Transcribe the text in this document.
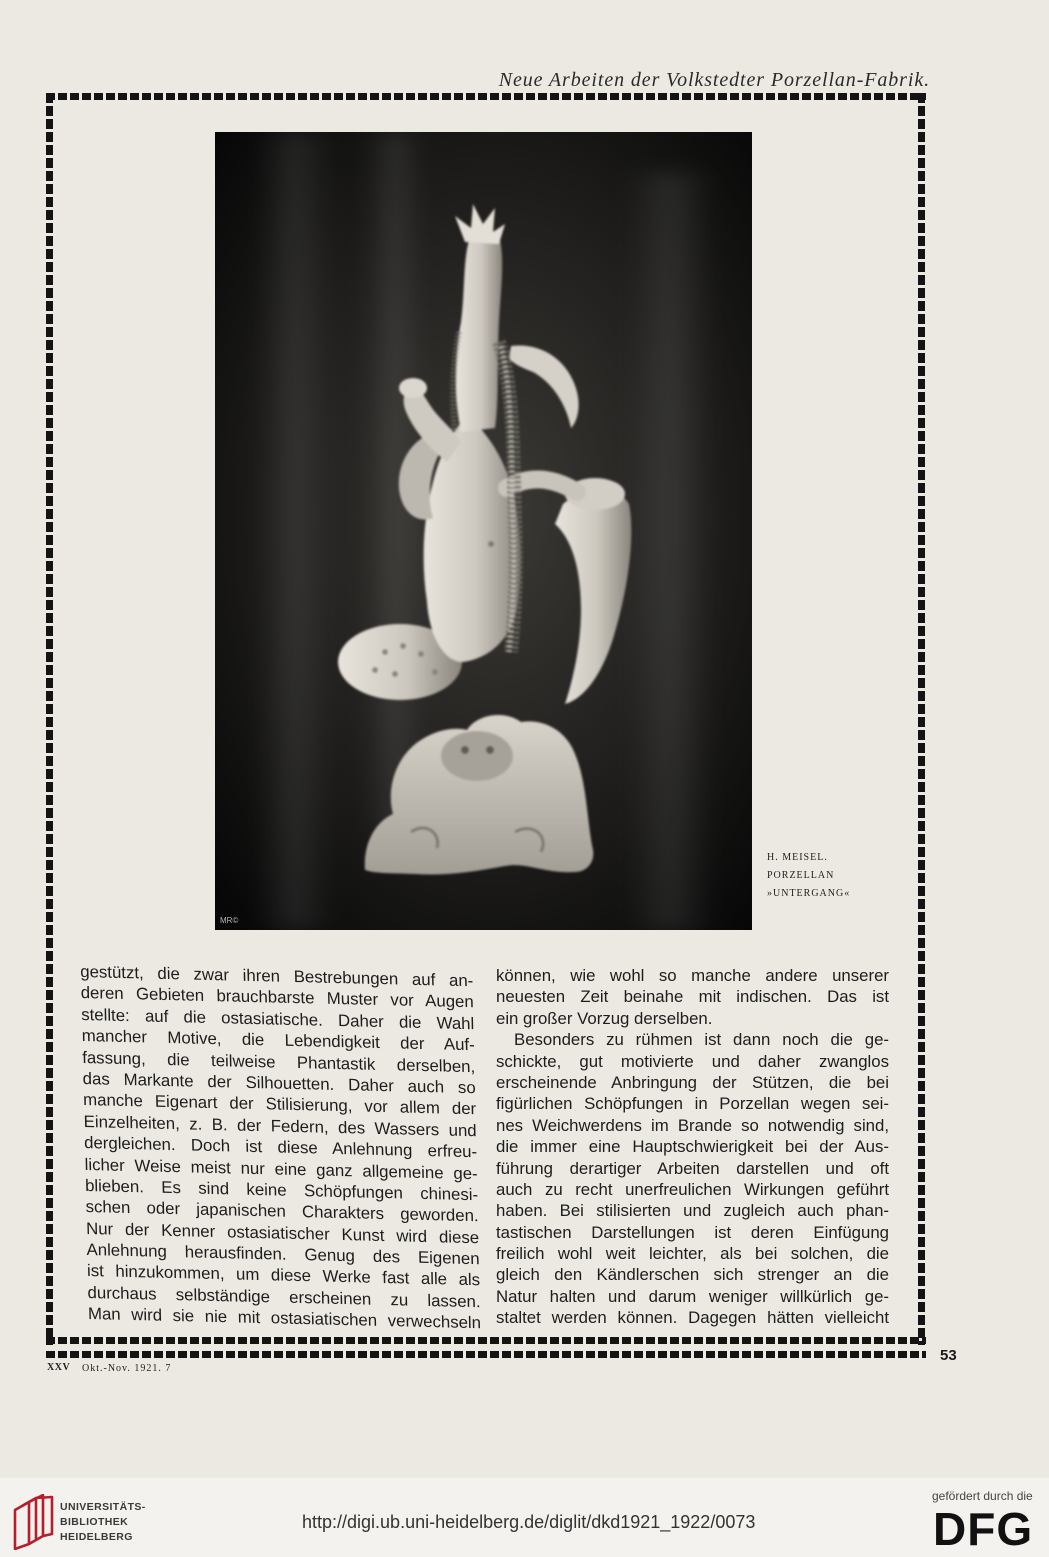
Neue Arbeiten der Volkstedter Porzellan-Fabrik.
MR©
H. MEISEL.
PORZELLAN
»UNTERGANG«
gestützt, die zwar ihren Bestrebungen auf an-
deren Gebieten brauchbarste Muster vor Augen
stellte: auf die ostasiatische. Daher die Wahl
mancher Motive, die Lebendigkeit der Auf-
fassung, die teilweise Phantastik derselben,
das Markante der Silhouetten. Daher auch so
manche Eigenart der Stilisierung, vor allem der
Einzelheiten, z. B. der Federn, des Wassers und
dergleichen. Doch ist diese Anlehnung erfreu-
licher Weise meist nur eine ganz allgemeine ge-
blieben. Es sind keine Schöpfungen chinesi-
schen oder japanischen Charakters geworden.
Nur der Kenner ostasiatischer Kunst wird diese
Anlehnung herausfinden. Genug des Eigenen
ist hinzukommen, um diese Werke fast alle als
durchaus selbständige erscheinen zu lassen.
Man wird sie nie mit ostasiatischen verwechseln
können, wie wohl so manche andere unserer
neuesten Zeit beinahe mit indischen. Das ist
ein großer Vorzug derselben.
Besonders zu rühmen ist dann noch die ge-
schickte, gut motivierte und daher zwanglos
erscheinende Anbringung der Stützen, die bei
figürlichen Schöpfungen in Porzellan wegen sei-
nes Weichwerdens im Brande so notwendig sind,
die immer eine Hauptschwierigkeit bei der Aus-
führung derartiger Arbeiten darstellen und oft
auch zu recht unerfreulichen Wirkungen geführt
haben. Bei stilisierten und zugleich auch phan-
tastischen Darstellungen ist deren Einfügung
freilich wohl weit leichter, als bei solchen, die
gleich den Kändlerschen sich strenger an die
Natur halten und darum weniger willkürlich ge-
staltet werden können. Dagegen hätten vielleicht
XXV Okt.-Nov. 1921. 7
53
UNIVERSITÄTS-
BIBLIOTHEK
HEIDELBERG
http://digi.ub.uni-heidelberg.de/diglit/dkd1921_1922/0073
gefördert durch die
DFG
